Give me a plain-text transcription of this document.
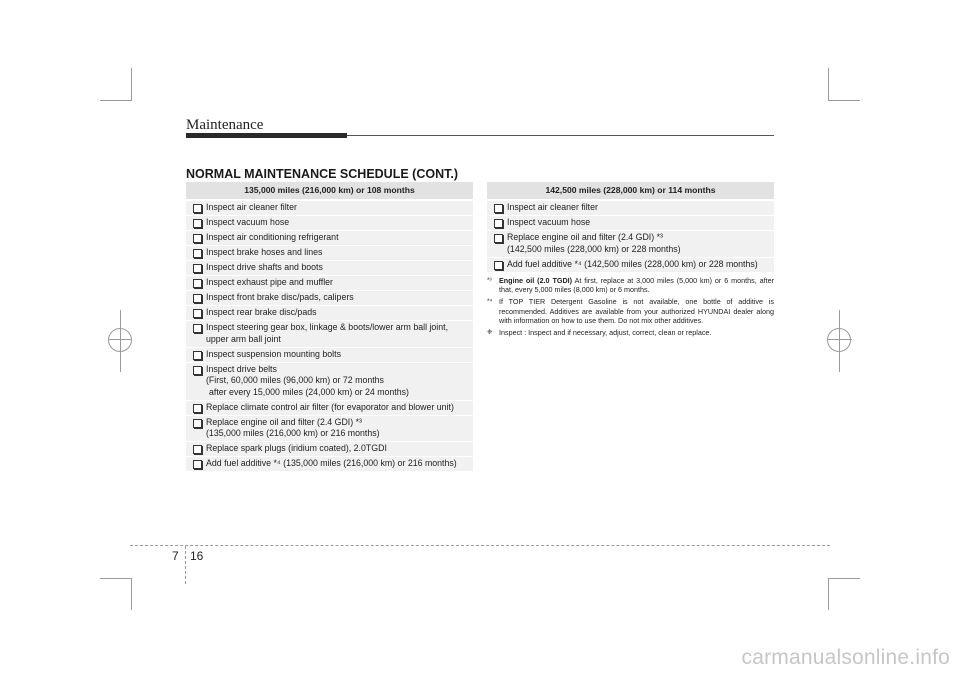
Maintenance
NORMAL MAINTENANCE SCHEDULE (CONT.)
135,000 miles (216,000 km) or 108 months
Inspect air cleaner filter
Inspect vacuum hose
Inspect air conditioning refrigerant
Inspect brake hoses and lines
Inspect drive shafts and boots
Inspect exhaust pipe and muffler
Inspect front brake disc/pads, calipers
Inspect rear brake disc/pads
Inspect steering gear box, linkage & boots/lower arm ball joint,
upper arm ball joint
Inspect suspension mounting bolts
Inspect drive belts
(First, 60,000 miles (96,000 km) or 72 months
after every 15,000 miles (24,000 km) or 24 months)
Replace climate control air filter (for evaporator and blower unit)
Replace engine oil and filter (2.4 GDI) *³
(135,000 miles (216,000 km) or 216 months)
Replace spark plugs (iridium coated), 2.0TGDI
Add fuel additive *⁴ (135,000 miles (216,000 km) or 216 months)
142,500 miles (228,000 km) or 114 months
Inspect air cleaner filter
Inspect vacuum hose
Replace engine oil and filter (2.4 GDI) *³
(142,500 miles (228,000 km) or 228 months)
Add fuel additive *⁴ (142,500 miles (228,000 km) or 228 months)
*³	Engine oil (2.0 TGDI) At first, replace at 3,000 miles (5,000 km) or 6 months, after that, every 5,000 miles (8,000 km) or 6 months.
*⁴ If TOP TIER Detergent Gasoline is not available, one bottle of additive is recommended. Additives are available from your authorized HYUNDAI dealer along with information on how to use them. Do not mix other additives.
❈ Inspect : Inspect and if necessary, adjust, correct, clean or replace.
7 16
carmanualsonline.info
